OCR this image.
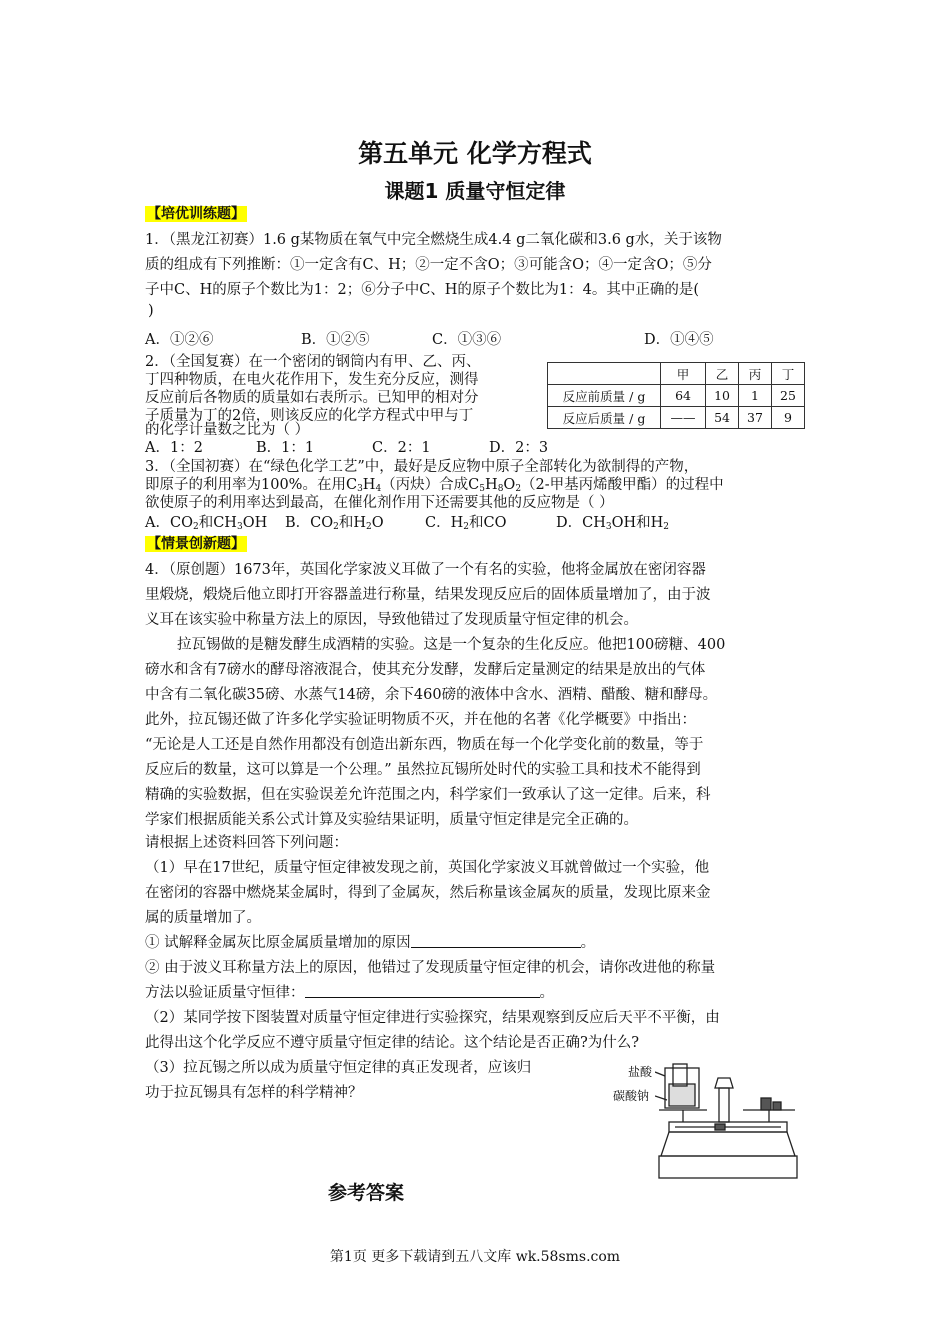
第五单元 化学方程式
课题1 质量守恒定律
【培优训练题】
1．（黑龙江初赛）1.6 g某物质在氧气中完全燃烧生成4.4 g二氧化碳和3.6 g水，关于该物
质的组成有下列推断：①一定含有C、H；②一定不含O；③可能含O；④一定含O；⑤分
子中C、H的原子个数比为1：2；⑥分子中C、H的原子个数比为1：4。其中正确的是(
)
A．①②⑥	B．①②⑤	C．①③⑥	D．①④⑤
2．（全国复赛）在一个密闭的钢筒内有甲、乙、丙、
丁四种物质，在电火花作用下，发生充分反应，测得
反应前后各物质的质量如右表所示。已知甲的相对分
子质量为丁的2倍，则该反应的化学方程式中甲与丁
的化学计量数之比为（ ）
A．1：2	B．1：1	C．2：1	D．2：3
	甲	乙	丙	丁
反应前质量 / g	64	10	1	25
反应后质量 / g	——	54	37	9
3．（全国初赛）在“绿色化学工艺”中，最好是反应物中原子全部转化为欲制得的产物，
即原子的利用率为100%。在用$C_3H_4$（丙炔）合成$C_5H_8O_2(2-$甲基丙烯酸甲酯）的过程中
欲使原子的利用率达到最高，在催化剂作用下还需要其他的反应物是（ ）
A．$CO_2$和$CH_3OH$ B．$CO_2$和$H_2O$	C．$H_2$和CO	D．$CH_3OH$和$H_2$
【情景创新题】
4．（原创题）1673年，英国化学家波义耳做了一个有名的实验，他将金属放在密闭容器
里煅烧，煅烧后他立即打开容器盖进行称量，结果发现反应后的固体质量增加了，由于波
义耳在该实验中称量方法上的原因，导致他错过了发现质量守恒定律的机会。
拉瓦锡做的是糖发酵生成酒精的实验。这是一个复杂的生化反应。他把100磅糖、400
磅水和含有7磅水的酵母溶液混合，使其充分发酵，发酵后定量测定的结果是放出的气体
中含有二氧化碳35磅、水蒸气14磅，余下460磅的液体中含水、酒精、醋酸、糖和酵母。
此外，拉瓦锡还做了许多化学实验证明物质不灭，并在他的名著《化学概要》中指出：
“无论是人工还是自然作用都没有创造出新东西，物质在每一个化学变化前的数量，等于
反应后的数量，这可以算是一个公理。” 虽然拉瓦锡所处时代的实验工具和技术不能得到
精确的实验数据，但在实验误差允许范围之内，科学家们一致承认了这一定律。后来，科
学家们根据质能关系公式计算及实验结果证明，质量守恒定律是完全正确的。
请根据上述资料回答下列问题：
（1）早在17世纪，质量守恒定律被发现之前，英国化学家波义耳就曾做过一个实验，他
在密闭的容器中燃烧某金属时，得到了金属灰，然后称量该金属灰的质量，发现比原来金
属的质量增加了。
① 试解释金属灰比原金属质量增加的原因	。
② 由于波义耳称量方法上的原因，他错过了发现质量守恒定律的机会，请你改进他的称量
方法以验证质量守恒律：	。
（2）某同学按下图装置对质量守恒定律进行实验探究，结果观察到反应后天平不平衡，由
此得出这个化学反应不遵守质量守恒定律的结论。这个结论是否正确?为什么?
（3）拉瓦锡之所以成为质量守恒定律的真正发现者，应该归
功于拉瓦锡具有怎样的科学精神？
盐酸
碳酸钠
参考答案
第1页 更多下载请到五八文库 wk.58sms.com
